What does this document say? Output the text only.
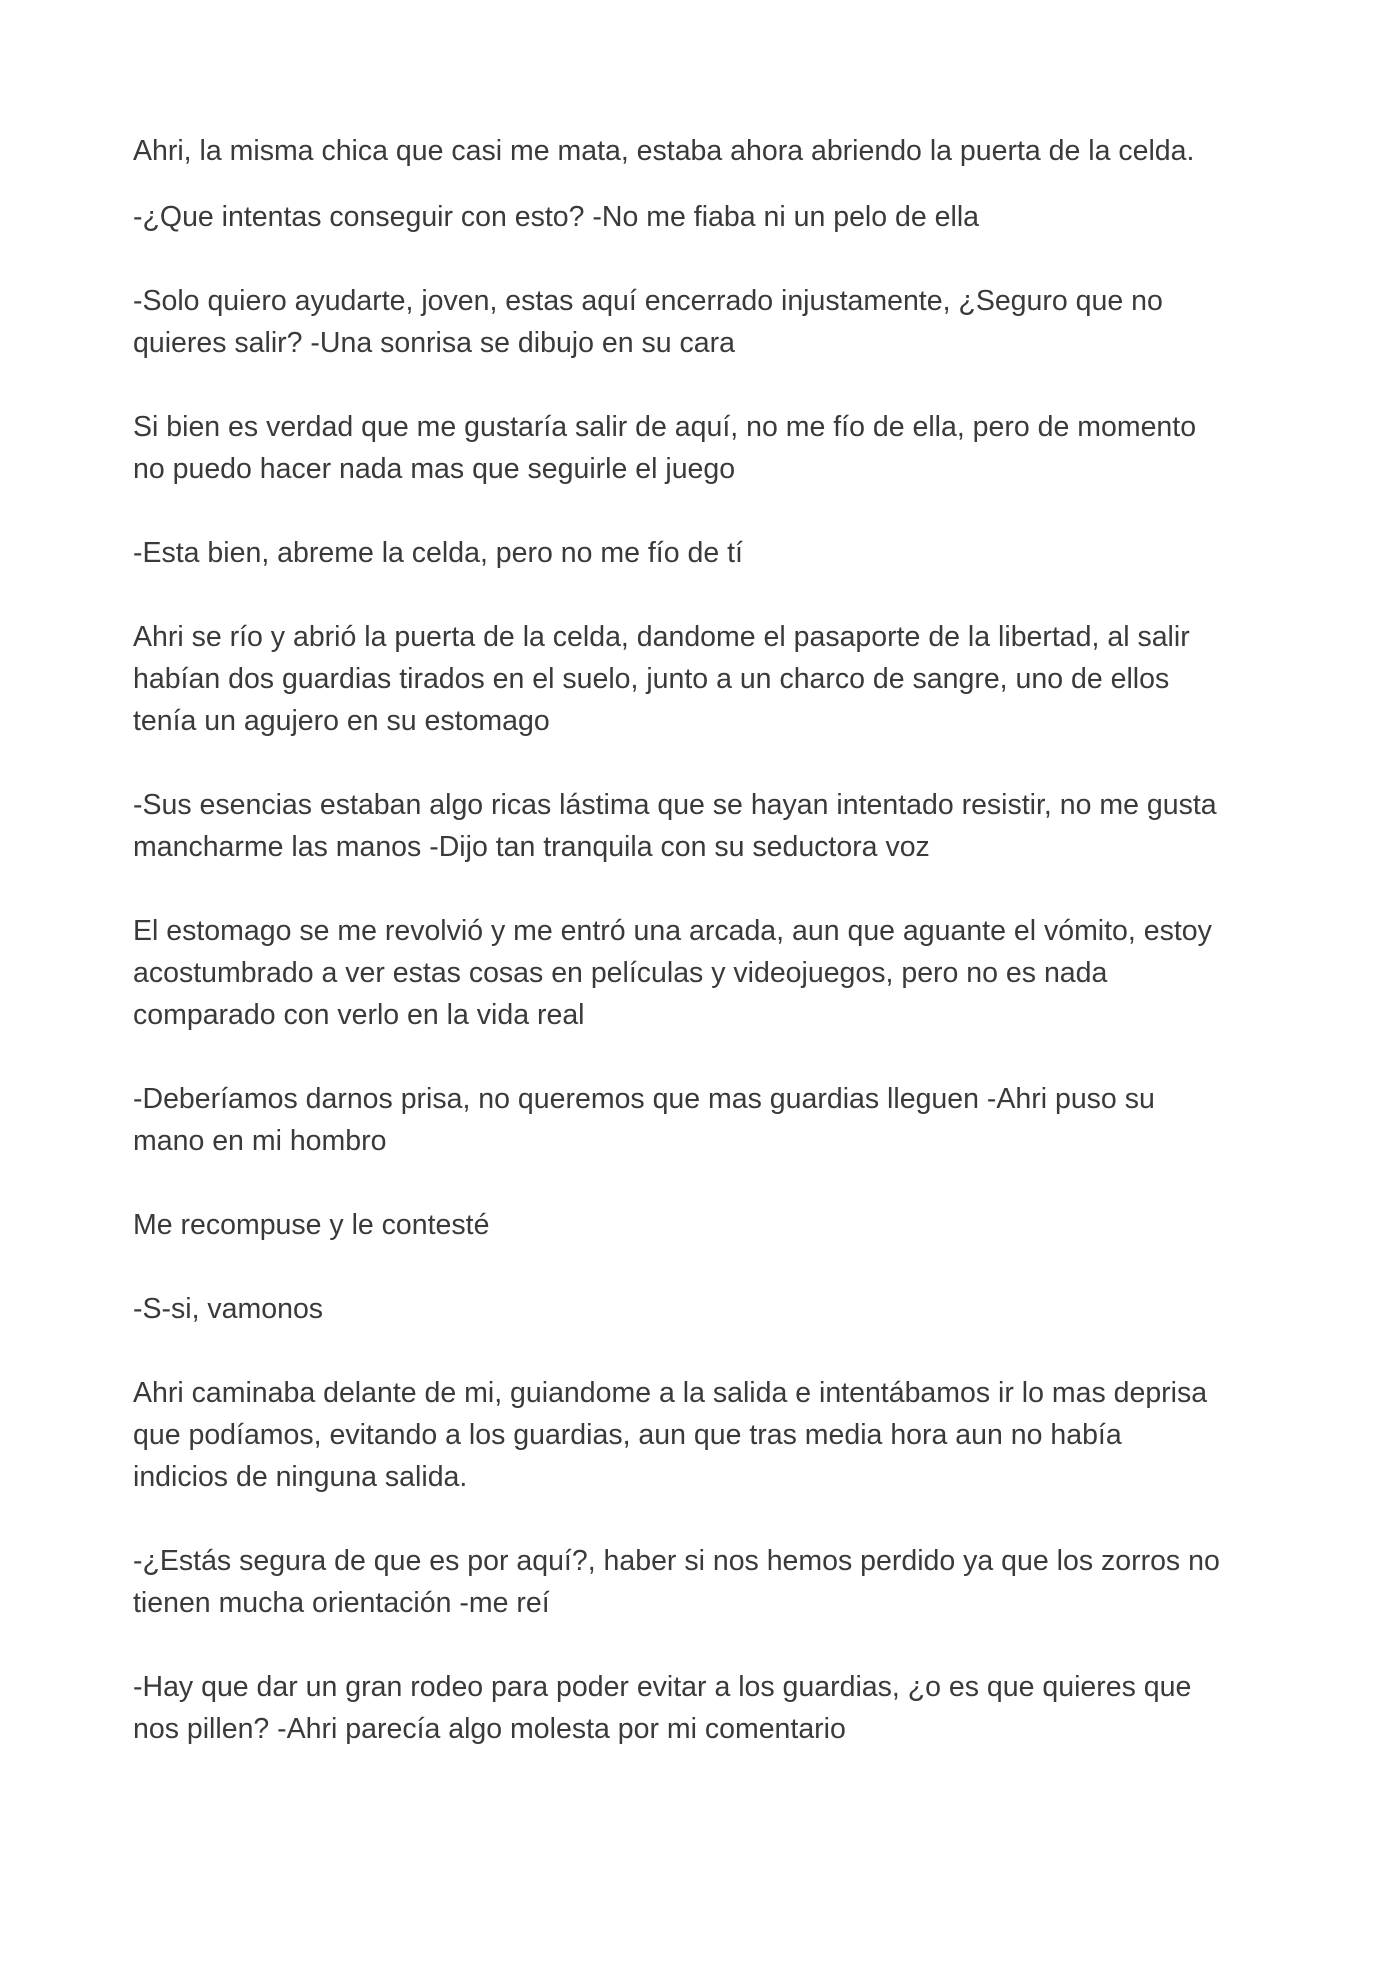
Ahri, la misma chica que casi me mata, estaba ahora abriendo la puerta de la celda.

-¿Que intentas conseguir con esto? -No me fiaba ni un pelo de ella

-Solo quiero ayudarte, joven, estas aquí encerrado injustamente, ¿Seguro que no
quieres salir? -Una sonrisa se dibujo en su cara

Si bien es verdad que me gustaría salir de aquí, no me fío de ella, pero de momento
no puedo hacer nada mas que seguirle el juego

-Esta bien, abreme la celda, pero no me fío de tí

Ahri se río y abrió la puerta de la celda, dandome el pasaporte de la libertad, al salir
habían dos guardias tirados en el suelo, junto a un charco de sangre, uno de ellos
tenía un agujero en su estomago

-Sus esencias estaban algo ricas lástima que se hayan intentado resistir, no me gusta
mancharme las manos -Dijo tan tranquila con su seductora voz

El estomago se me revolvió y me entró una arcada, aun que aguante el vómito, estoy
acostumbrado a ver estas cosas en películas y videojuegos, pero no es nada
comparado con verlo en la vida real

-Deberíamos darnos prisa, no queremos que mas guardias lleguen -Ahri puso su
mano en mi hombro

Me recompuse y le contesté

-S-si, vamonos

Ahri caminaba delante de mi, guiandome a la salida e intentábamos ir lo mas deprisa
que podíamos, evitando a los guardias, aun que tras media hora aun no había
indicios de ninguna salida.

-¿Estás segura de que es por aquí?, haber si nos hemos perdido ya que los zorros no
tienen mucha orientación -me reí

-Hay que dar un gran rodeo para poder evitar a los guardias, ¿o es que quieres que
nos pillen? -Ahri parecía algo molesta por mi comentario
